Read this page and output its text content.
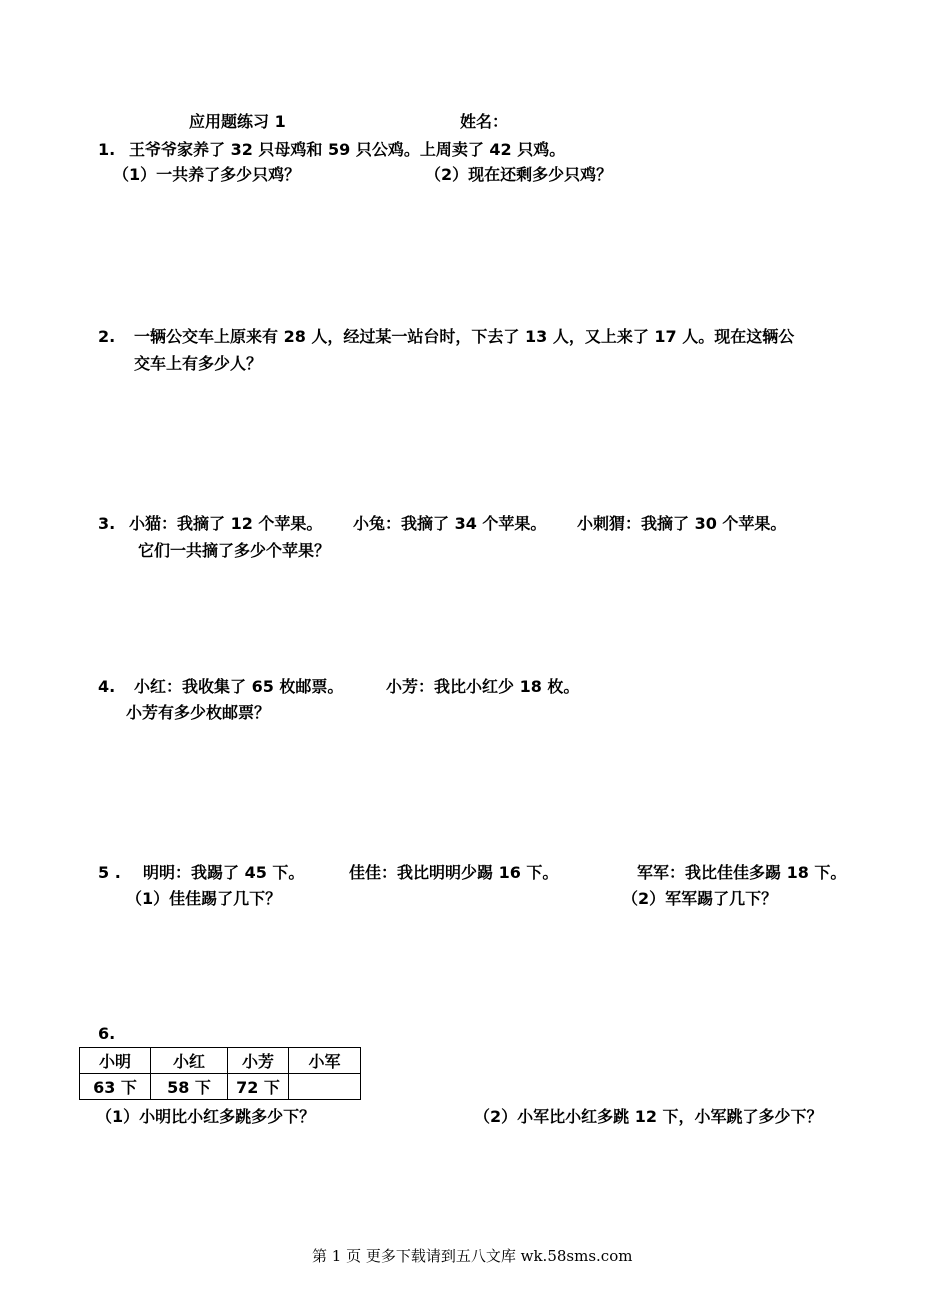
应用题练习 1	姓名：
1. 王爷爷家养了 32 只母鸡和 59 只公鸡。上周卖了 42 只鸡。
（1）一共养了多少只鸡？	（2）现在还剩多少只鸡？
2. 一辆公交车上原来有 28 人，经过某一站台时，下去了 13 人，又上来了 17 人。现在这辆公
交车上有多少人？
3. 小猫：我摘了 12 个苹果。 小兔：我摘了 34 个苹果。 小刺猬：我摘了 30 个苹果。
它们一共摘了多少个苹果？
4. 小红：我收集了 65 枚邮票。	小芳：我比小红少 18 枚。
小芳有多少枚邮票？
5 . 明明：我踢了 45 下。	佳佳：我比明明少踢 16 下。	军军：我比佳佳多踢 18 下。
（1）佳佳踢了几下？	（2）军军踢了几下？
6.
小明	小红	小芳	小军
63 下	58 下	72 下	
（1）小明比小红多跳多少下？	（2）小军比小红多跳 12 下，小军跳了多少下？
第 1 页 更多下载请到五八文库 wk.58sms.com
